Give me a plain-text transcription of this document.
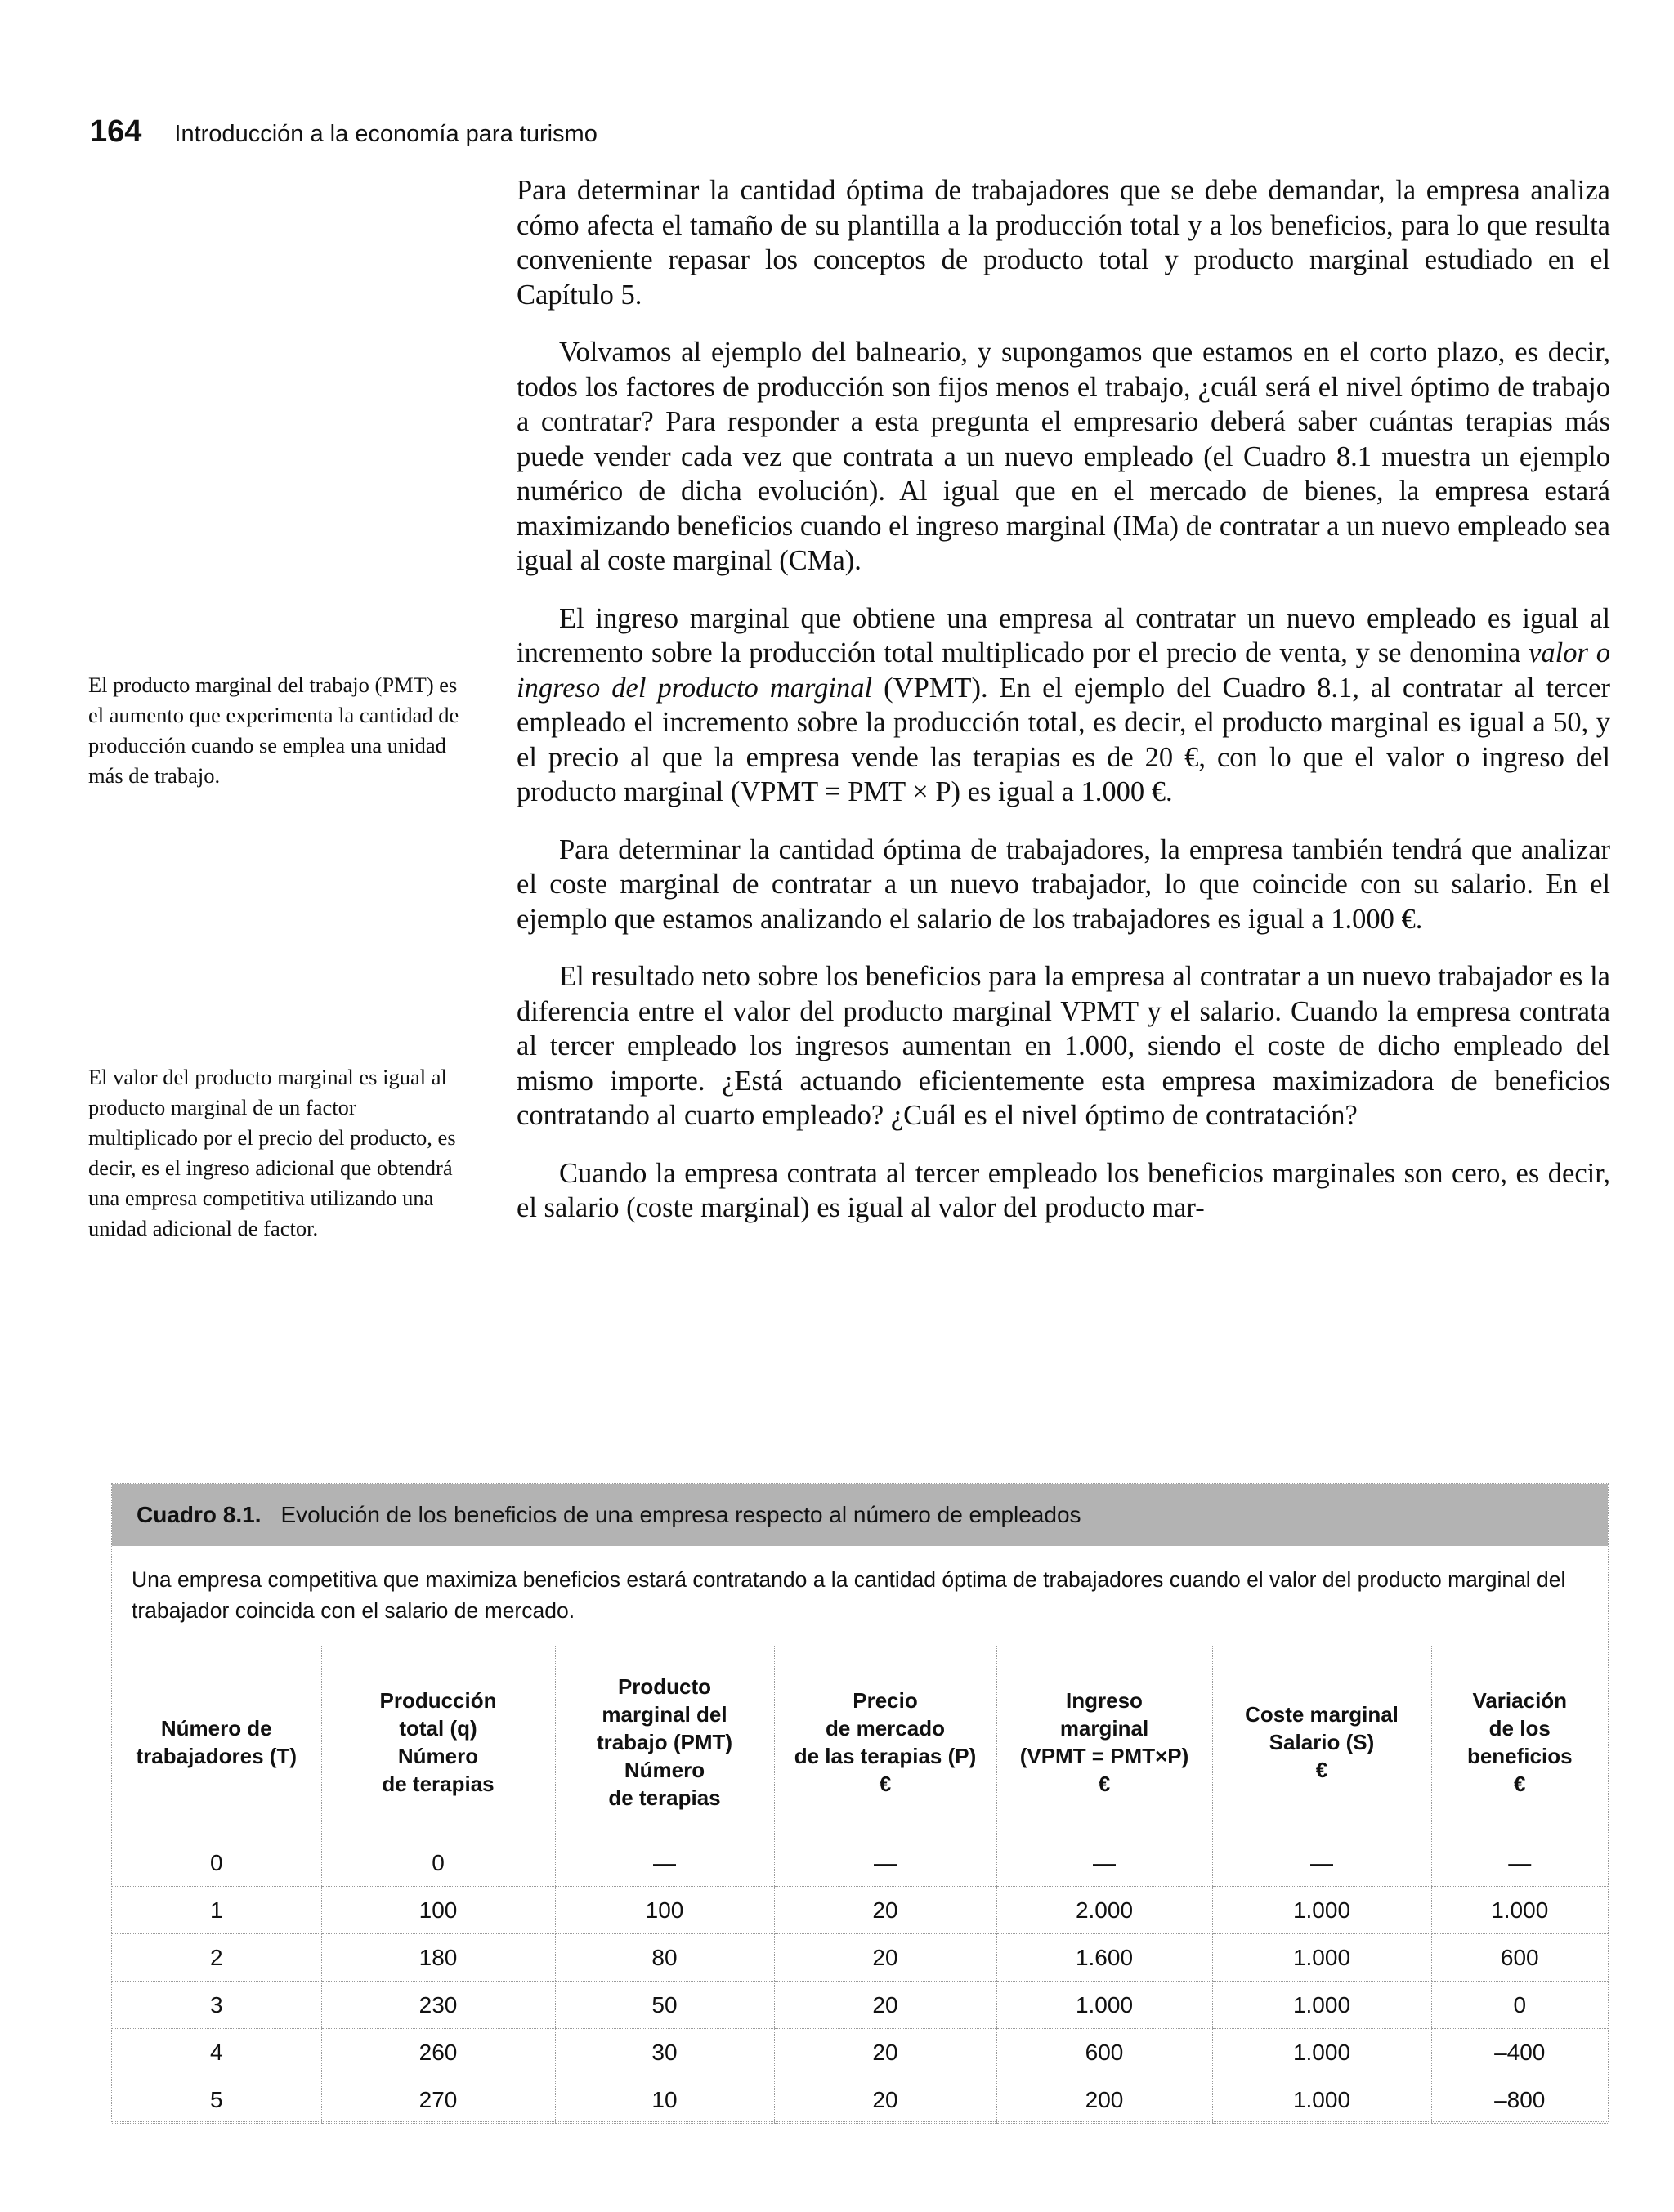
164 Introducción a la economía para turismo
El producto marginal del trabajo (PMT) es el aumento que experimenta la cantidad de producción cuando se emplea una unidad más de trabajo.
El valor del producto marginal es igual al producto marginal de un factor multiplicado por el precio del producto, es decir, es el ingreso adicional que obtendrá una empresa competitiva utilizando una unidad adicional de factor.

Para determinar la cantidad óptima de trabajadores que se debe demandar, la empresa analiza cómo afecta el tamaño de su plantilla a la producción total y a los beneficios, para lo que resulta conveniente repasar los conceptos de producto total y producto marginal estudiado en el Capítulo 5.

Volvamos al ejemplo del balneario, y supongamos que estamos en el corto plazo, es decir, todos los factores de producción son fijos menos el trabajo, ¿cuál será el nivel óptimo de trabajo a contratar? Para responder a esta pregunta el empresario deberá saber cuántas terapias más puede vender cada vez que contrata a un nuevo empleado (el Cuadro 8.1 muestra un ejemplo numérico de dicha evolución). Al igual que en el mercado de bienes, la empresa estará maximizando beneficios cuando el ingreso marginal (IMa) de contratar a un nuevo empleado sea igual al coste marginal (CMa).

El ingreso marginal que obtiene una empresa al contratar un nuevo empleado es igual al incremento sobre la producción total multiplicado por el precio de venta, y se denomina valor o ingreso del producto marginal (VPMT). En el ejemplo del Cuadro 8.1, al contratar al tercer empleado el incremento sobre la producción total, es decir, el producto marginal es igual a 50, y el precio al que la empresa vende las terapias es de 20 €, con lo que el valor o ingreso del producto marginal (VPMT = PMT × P) es igual a 1.000 €.

Para determinar la cantidad óptima de trabajadores, la empresa también tendrá que analizar el coste marginal de contratar a un nuevo trabajador, lo que coincide con su salario. En el ejemplo que estamos analizando el salario de los trabajadores es igual a 1.000 €.

El resultado neto sobre los beneficios para la empresa al contratar a un nuevo trabajador es la diferencia entre el valor del producto marginal VPMT y el salario. Cuando la empresa contrata al tercer empleado los ingresos aumentan en 1.000, siendo el coste de dicho empleado del mismo importe. ¿Está actuando eficientemente esta empresa maximizadora de beneficios contratando al cuarto empleado? ¿Cuál es el nivel óptimo de contratación?

Cuando la empresa contrata al tercer empleado los beneficios marginales son cero, es decir, el salario (coste marginal) es igual al valor del producto mar-

Cuadro 8.1. Evolución de los beneficios de una empresa respecto al número de empleados
Una empresa competitiva que maximiza beneficios estará contratando a la cantidad óptima de trabajadores cuando el valor del producto marginal del trabajador coincida con el salario de mercado.
Número de
trabajadores (T)	Producción
total (q)
Número
de terapias	Producto
marginal del
trabajo (PMT)
Número
de terapias	Precio
de mercado
de las terapias (P)
€	Ingreso
marginal
(VPMT = PMT×P)
€	Coste marginal
Salario (S)
€	Variación
de los beneficios
€

0	0	—	—	—	—	—
1	100	100	20	2.000	1.000	1.000
2	180	80	20	1.600	1.000	600
3	230	50	20	1.000	1.000	0
4	260	30	20	600	1.000	–400
5	270	10	20	200	1.000	–800
